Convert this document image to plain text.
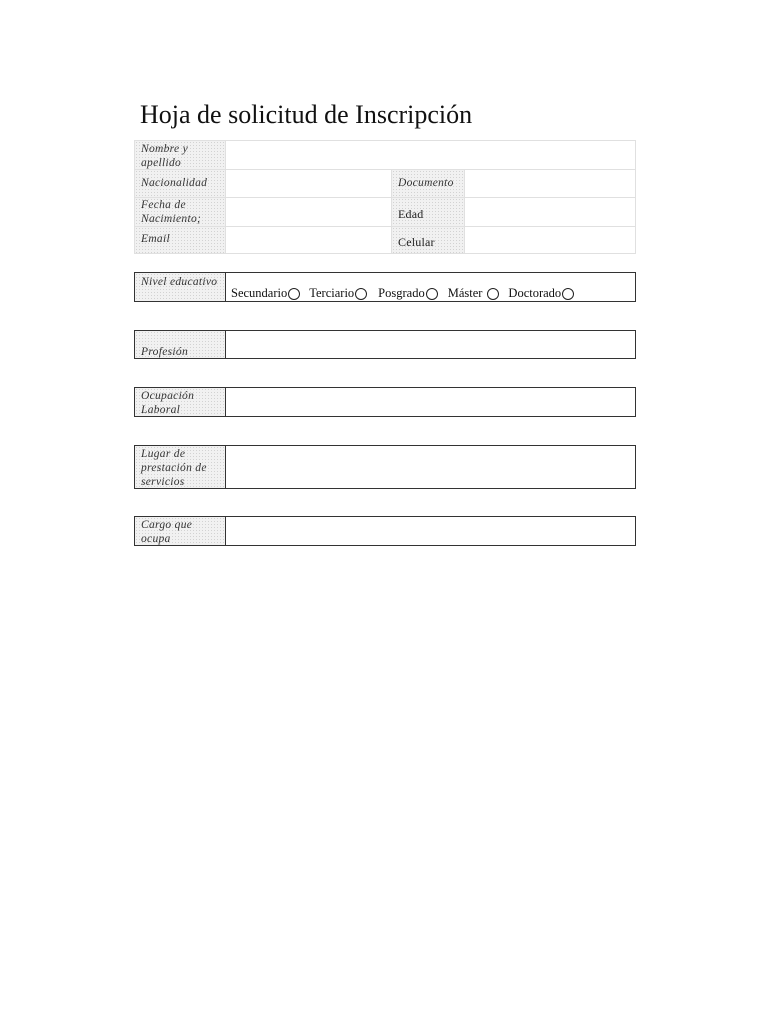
Hoja de solicitud de Inscripción
Nombre y apellido
Nacionalidad	Documento
Fecha de Nacimiento;	Edad
Email	Celular
Nivel educativo
Secundario Terciario Posgrado Máster Doctorado
Profesión
Ocupación Laboral
Lugar de prestación de servicios
Cargo que ocupa
